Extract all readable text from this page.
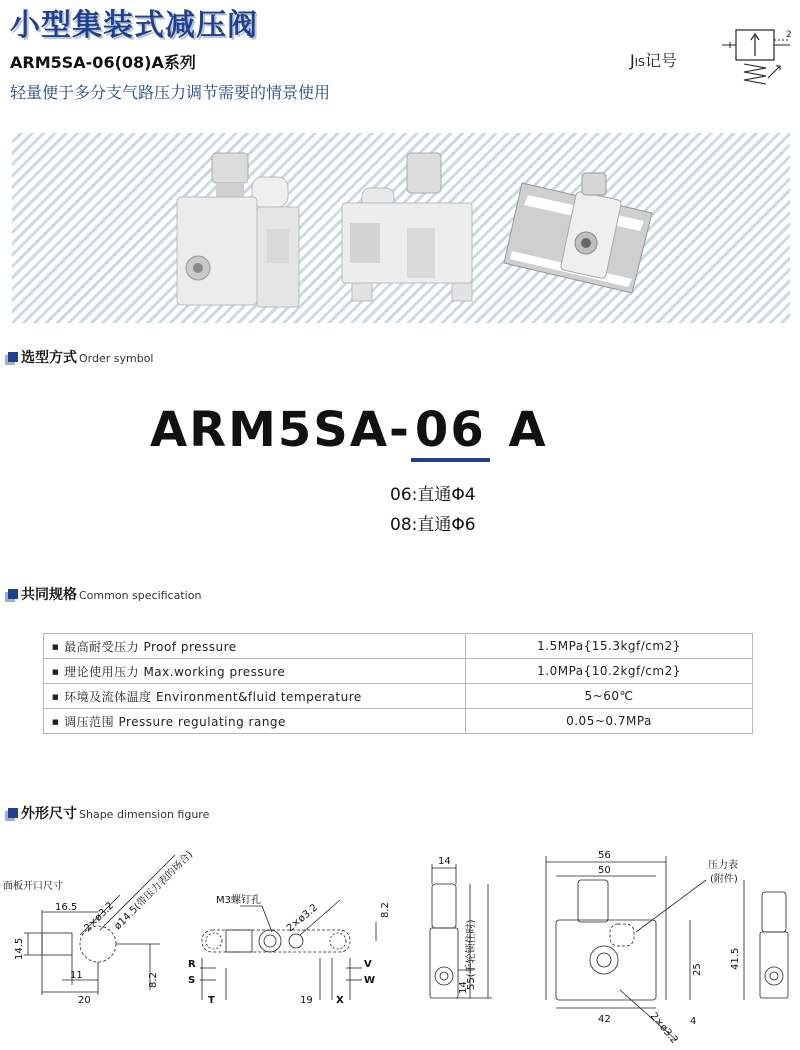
小型集装式减压阀
ARM5SA-06(08)A系列
轻量便于多分支气路压力调节需要的情景使用
JIS记号
2
选型方式 Order symbol
ARM5SA-06 A
06:直通Φ4
08:直通Φ6
共同规格 Common specification
■ 最高耐受压力 Proof pressure	1.5MPa{15.3kgf/cm2}
■ 理论使用压力 Max.working pressure	1.0MPa{10.2kgf/cm2}
■ 环境及流体温度 Environment&fluid temperature	5~60℃
■ 调压范围 Pressure regulating range	0.05~0.7MPa
外形尺寸 Shape dimension figure
面板开口尺寸
16.5
14.5
11
20
8.2
2×ø3.2
ø14.5(带压力表的场合) M3螺钉孔
2×ø3.2	8.2
R
S
T
V
W
X
19
14
55(手轮锁住时)
14
56
50	压力表
(附件)
25	41.5
42	4
2×ø3.2
